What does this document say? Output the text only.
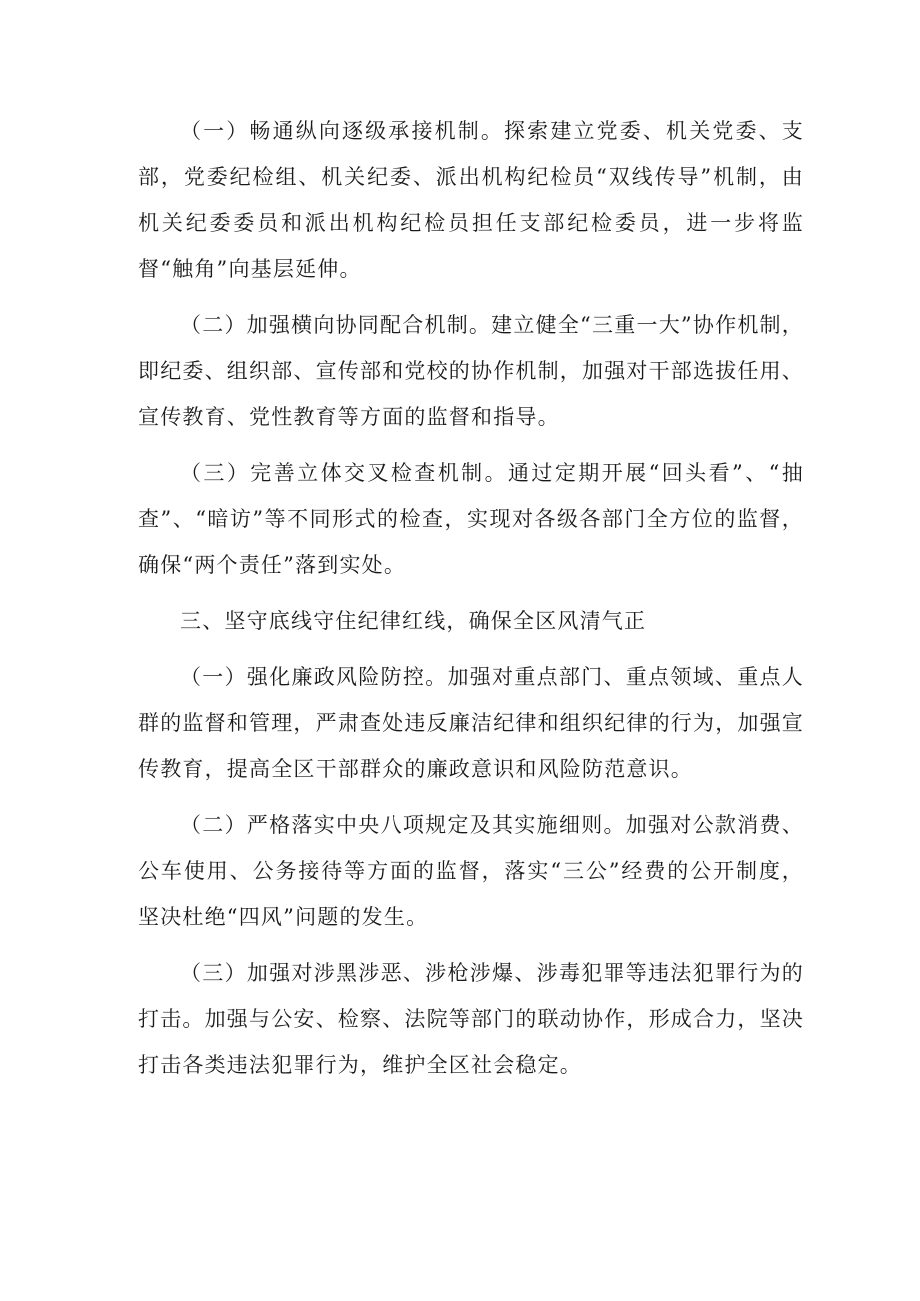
（一）畅通纵向逐级承接机制。探索建立党委、机关党委、支部，党委纪检组、机关纪委、派出机构纪检员“双线传导”机制，由机关纪委委员和派出机构纪检员担任支部纪检委员，进一步将监督“触角”向基层延伸。

（二）加强横向协同配合机制。建立健全“三重一大”协作机制，即纪委、组织部、宣传部和党校的协作机制，加强对干部选拔任用、宣传教育、党性教育等方面的监督和指导。

（三）完善立体交叉检查机制。通过定期开展“回头看”、“抽查”、“暗访”等不同形式的检查，实现对各级各部门全方位的监督，确保“两个责任”落到实处。

三、坚守底线守住纪律红线，确保全区风清气正

（一）强化廉政风险防控。加强对重点部门、重点领域、重点人群的监督和管理，严肃查处违反廉洁纪律和组织纪律的行为，加强宣传教育，提高全区干部群众的廉政意识和风险防范意识。

（二）严格落实中央八项规定及其实施细则。加强对公款消费、公车使用、公务接待等方面的监督，落实“三公”经费的公开制度，坚决杜绝“四风”问题的发生。

（三）加强对涉黑涉恶、涉枪涉爆、涉毒犯罪等违法犯罪行为的打击。加强与公安、检察、法院等部门的联动协作，形成合力，坚决打击各类违法犯罪行为，维护全区社会稳定。
